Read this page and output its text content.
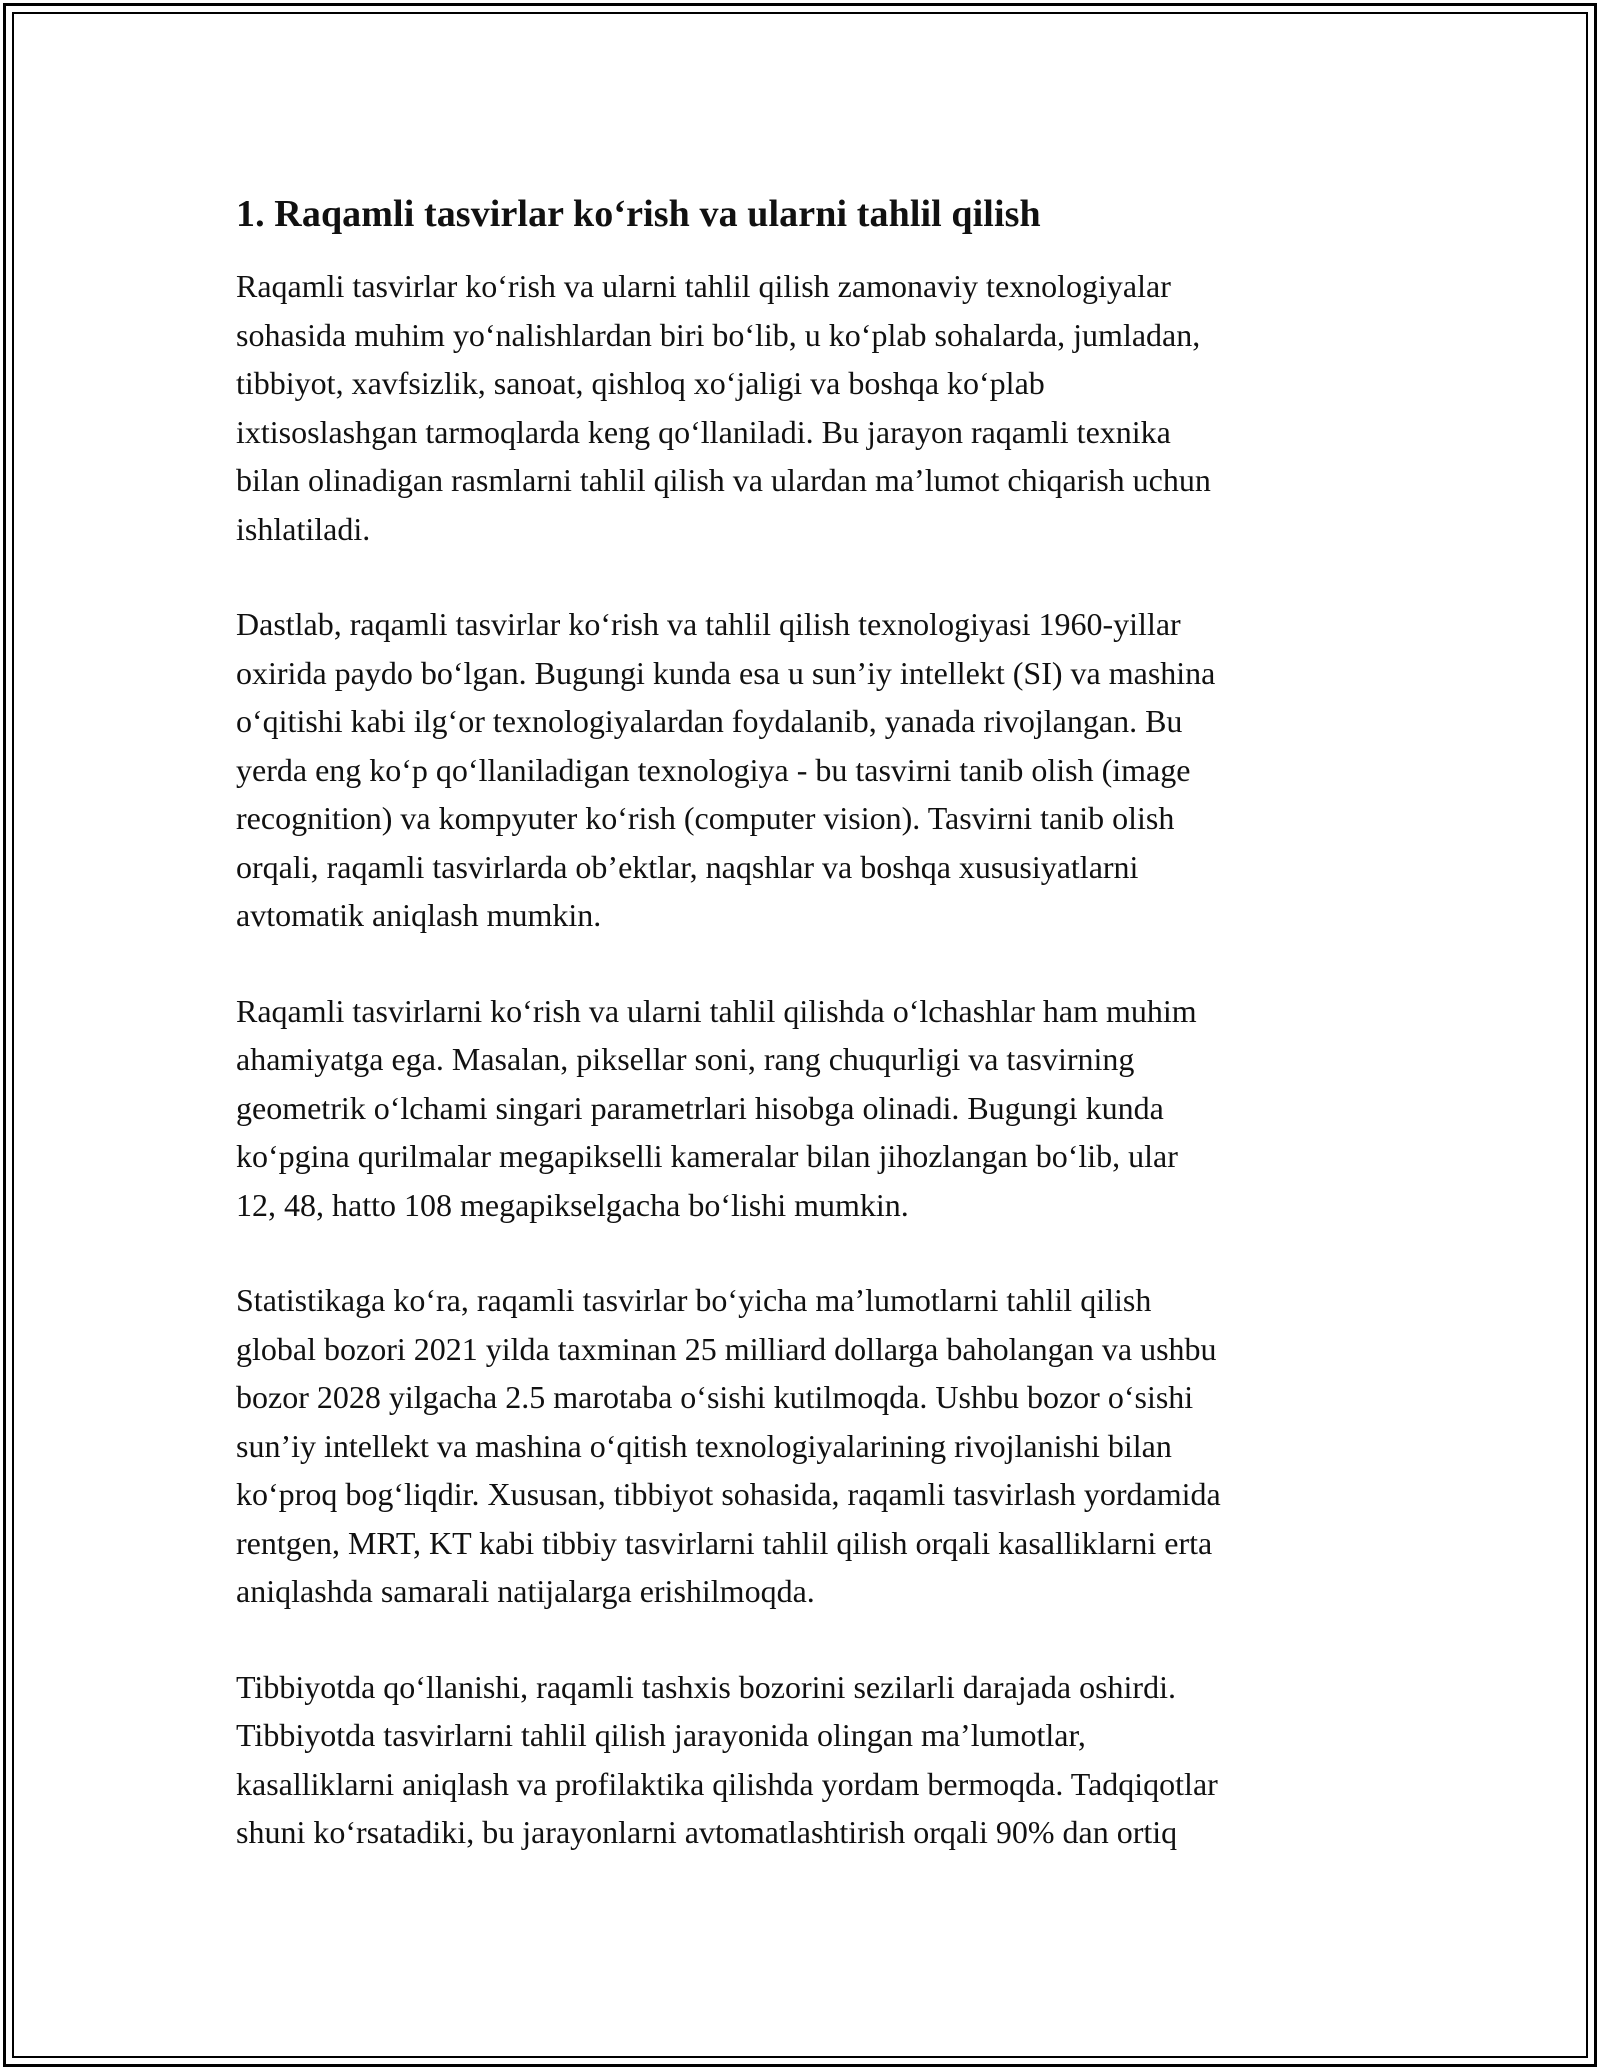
1. Raqamli tasvirlar ko‘rish va ularni tahlil qilish

Raqamli tasvirlar ko‘rish va ularni tahlil qilish zamonaviy texnologiyalar
sohasida muhim yo‘nalishlardan biri bo‘lib, u ko‘plab sohalarda, jumladan,
tibbiyot, xavfsizlik, sanoat, qishloq xo‘jaligi va boshqa ko‘plab
ixtisoslashgan tarmoqlarda keng qo‘llaniladi. Bu jarayon raqamli texnika
bilan olinadigan rasmlarni tahlil qilish va ulardan ma’lumot chiqarish uchun
ishlatiladi.

Dastlab, raqamli tasvirlar ko‘rish va tahlil qilish texnologiyasi 1960-yillar
oxirida paydo bo‘lgan. Bugungi kunda esa u sun’iy intellekt (SI) va mashina
o‘qitishi kabi ilg‘or texnologiyalardan foydalanib, yanada rivojlangan. Bu
yerda eng ko‘p qo‘llaniladigan texnologiya - bu tasvirni tanib olish (image
recognition) va kompyuter ko‘rish (computer vision). Tasvirni tanib olish
orqali, raqamli tasvirlarda ob’ektlar, naqshlar va boshqa xususiyatlarni
avtomatik aniqlash mumkin.

Raqamli tasvirlarni ko‘rish va ularni tahlil qilishda o‘lchashlar ham muhim
ahamiyatga ega. Masalan, piksellar soni, rang chuqurligi va tasvirning
geometrik o‘lchami singari parametrlari hisobga olinadi. Bugungi kunda
ko‘pgina qurilmalar megapikselli kameralar bilan jihozlangan bo‘lib, ular
12, 48, hatto 108 megapikselgacha bo‘lishi mumkin.

Statistikaga ko‘ra, raqamli tasvirlar bo‘yicha ma’lumotlarni tahlil qilish
global bozori 2021 yilda taxminan 25 milliard dollarga baholangan va ushbu
bozor 2028 yilgacha 2.5 marotaba o‘sishi kutilmoqda. Ushbu bozor o‘sishi
sun’iy intellekt va mashina o‘qitish texnologiyalarining rivojlanishi bilan
ko‘proq bog‘liqdir. Xususan, tibbiyot sohasida, raqamli tasvirlash yordamida
rentgen, MRT, KT kabi tibbiy tasvirlarni tahlil qilish orqali kasalliklarni erta
aniqlashda samarali natijalarga erishilmoqda.

Tibbiyotda qo‘llanishi, raqamli tashxis bozorini sezilarli darajada oshirdi.
Tibbiyotda tasvirlarni tahlil qilish jarayonida olingan ma’lumotlar,
kasalliklarni aniqlash va profilaktika qilishda yordam bermoqda. Tadqiqotlar
shuni ko‘rsatadiki, bu jarayonlarni avtomatlashtirish orqali 90% dan ortiq
